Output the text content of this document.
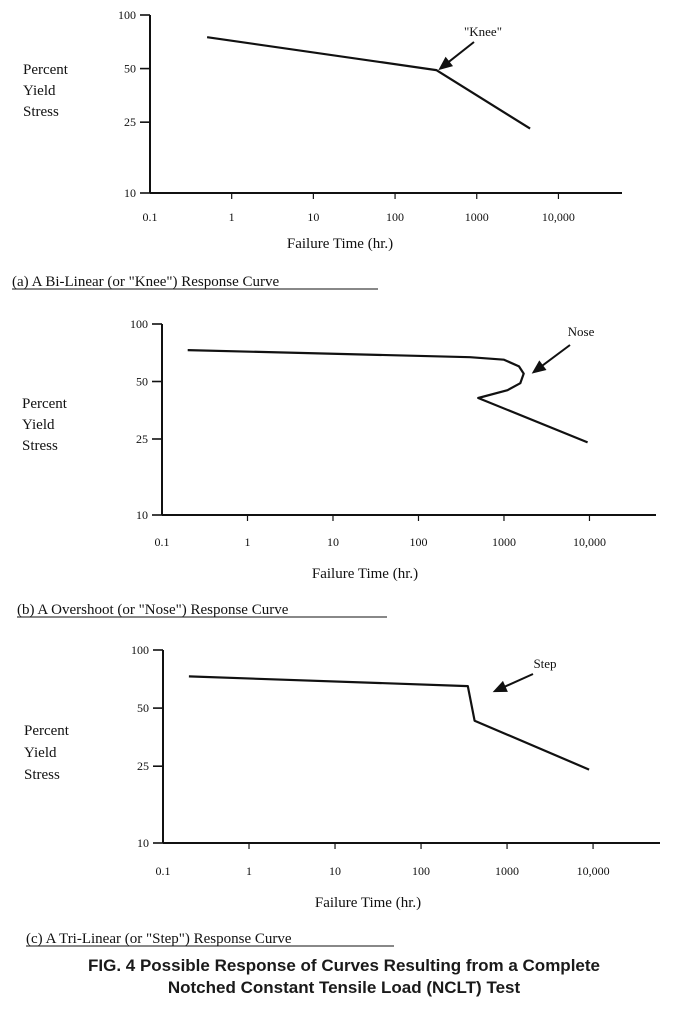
10
25
50
100
0.1	1	10	100	1000	10,000
Failure Time (hr.)
Percent Yield Stress
"Knee"
(a) A Bi-Linear (or "Knee") Response Curve
10
25
50
100
0.1	1	10	100	1000	10,000
Failure Time (hr.)
Percent Yield Stress
Nose
(b) A Overshoot (or "Nose") Response Curve
10
25
50
100
0.1	1	10	100	1000	10,000
Failure Time (hr.)
Percent Yield Stress
Step
(c) A Tri-Linear (or "Step") Response Curve
FIG. 4 Possible Response of Curves Resulting from a Complete
Notched Constant Tensile Load (NCLT) Test
